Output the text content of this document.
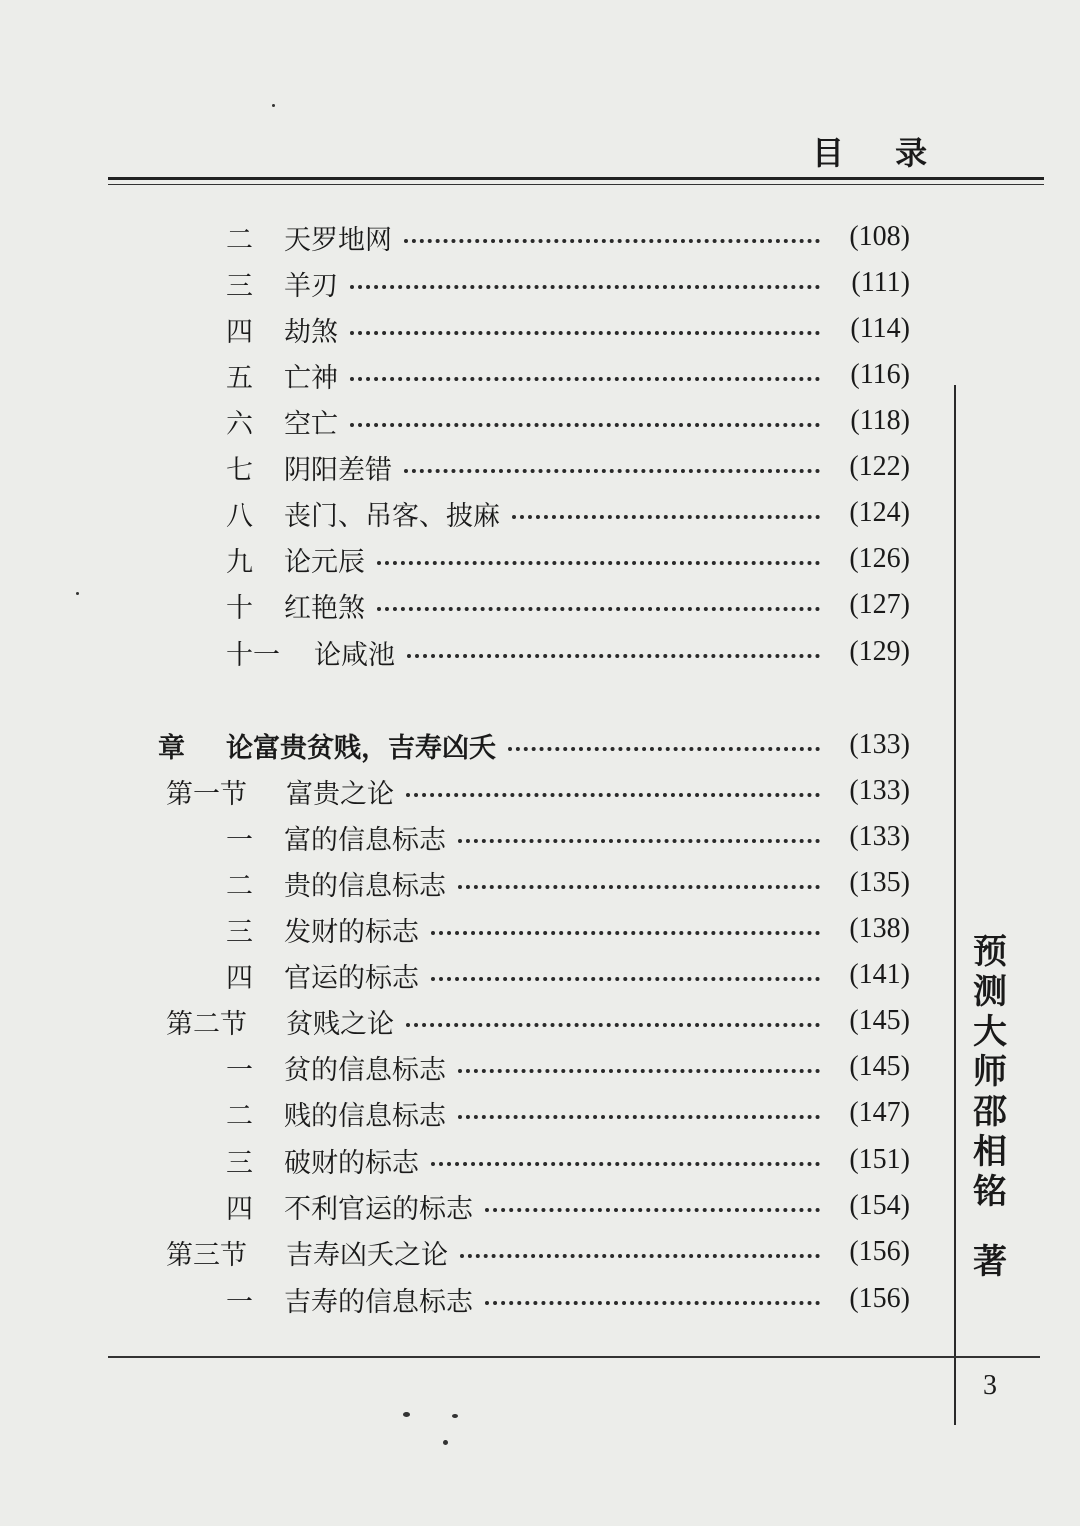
目 录
二 天罗地网	(108)
三 羊刃	(111)
四 劫煞	(114)
五 亡神	(116)
六 空亡	(118)
七 阴阳差错	(122)
八 丧门、吊客、披麻	(124)
九 论元辰	(126)
十 红艳煞	(127)
十一 论咸池	(129)
章 论富贵贫贱，吉寿凶夭	(133)
第一节 富贵之论	(133)
一 富的信息标志	(133)
二 贵的信息标志	(135)
三 发财的标志	(138)
四 官运的标志	(141)
第二节 贫贱之论	(145)
一 贫的信息标志	(145)
二 贱的信息标志	(147)
三 破财的标志	(151)
四 不利官运的标志	(154)
第三节 吉寿凶夭之论	(156)
一 吉寿的信息标志	(156)
预
测
大
师
邵
相
铭
著
3
